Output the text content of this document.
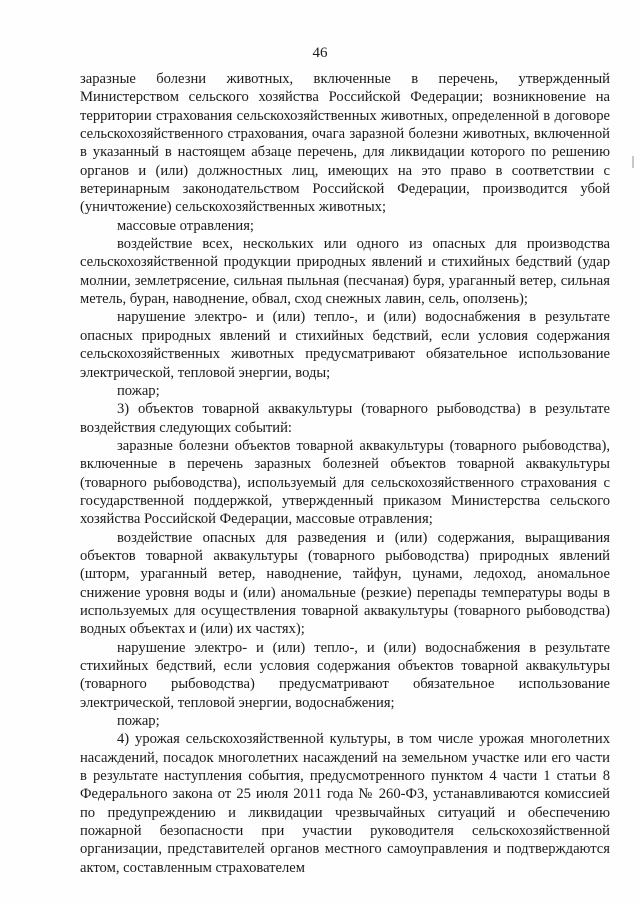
46

заразные болезни животных, включенные в перечень, утвержденный Министерством сельского хозяйства Российской Федерации; возникновение на территории страхования сельскохозяйственных животных, определенной в договоре сельскохозяйственного страхования, очага заразной болезни животных, включенной в указанный в настоящем абзаце перечень, для ликвидации которого по решению органов и (или) должностных лиц, имеющих на это право в соответствии с ветеринарным законодательством Российской Федерации, производится убой (уничтожение) сельскохозяйственных животных;

массовые отравления;

воздействие всех, нескольких или одного из опасных для производства сельскохозяйственной продукции природных явлений и стихийных бедствий (удар молнии, землетрясение, сильная пыльная (песчаная) буря, ураганный ветер, сильная метель, буран, наводнение, обвал, сход снежных лавин, сель, оползень);

нарушение электро- и (или) тепло-, и (или) водоснабжения в результате опасных природных явлений и стихийных бедствий, если условия содержания сельскохозяйственных животных предусматривают обязательное использование электрической, тепловой энергии, воды;

пожар;

3) объектов товарной аквакультуры (товарного рыбоводства) в результате воздействия следующих событий:

заразные болезни объектов товарной аквакультуры (товарного рыбоводства), включенные в перечень заразных болезней объектов товарной аквакультуры (товарного рыбоводства), используемый для сельскохозяйственного страхования с государственной поддержкой, утвержденный приказом Министерства сельского хозяйства Российской Федерации, массовые отравления;

воздействие опасных для разведения и (или) содержания, выращивания объектов товарной аквакультуры (товарного рыбоводства) природных явлений (шторм, ураганный ветер, наводнение, тайфун, цунами, ледоход, аномальное снижение уровня воды и (или) аномальные (резкие) перепады температуры воды в используемых для осуществления товарной аквакультуры (товарного рыбоводства) водных объектах и (или) их частях);

нарушение электро- и (или) тепло-, и (или) водоснабжения в результате стихийных бедствий, если условия содержания объектов товарной аквакультуры (товарного рыбоводства) предусматривают обязательное использование электрической, тепловой энергии, водоснабжения;

пожар;

4) урожая сельскохозяйственной культуры, в том числе урожая многолетних насаждений, посадок многолетних насаждений на земельном участке или его части в результате наступления события, предусмотренного пунктом 4 части 1 статьи 8 Федерального закона от 25 июля 2011 года № 260-ФЗ, устанавливаются комиссией по предупреждению и ликвидации чрезвычайных ситуаций и обеспечению пожарной безопасности при участии руководителя сельскохозяйственной организации, представителей органов местного самоуправления и подтверждаются актом, составленным страхователем
